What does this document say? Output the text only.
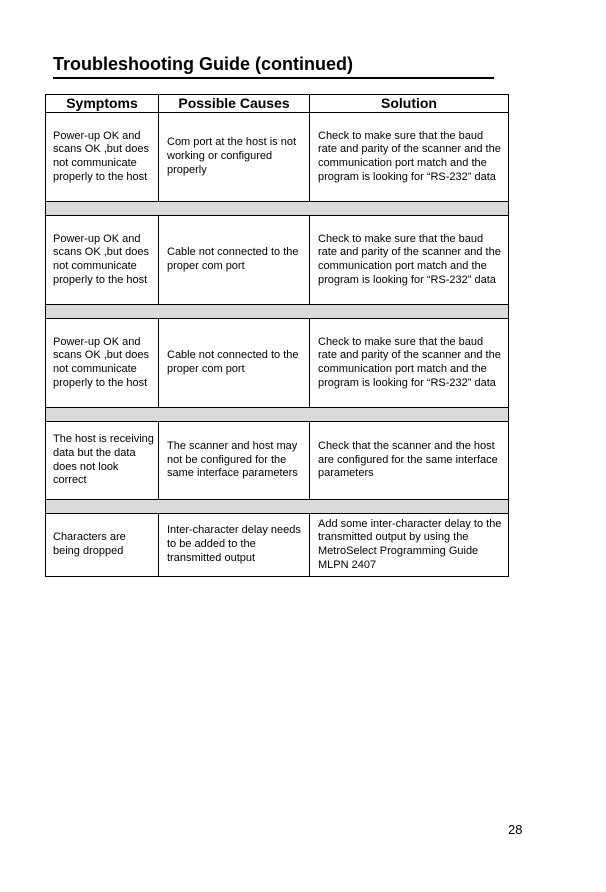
Troubleshooting Guide (continued)
Symptoms	Possible Causes	Solution
Power-up OK and scans OK ,but does not communicate properly to the host	Com port at the host is not working or configured properly	Check to make sure that the baud rate and parity of the scanner and the communication port match and the program is looking for “RS-232” data

Power-up OK and scans OK ,but does not communicate properly to the host	Cable not connected to the proper com port	Check to make sure that the baud rate and parity of the scanner and the communication port match and the program is looking for “RS-232” data

Power-up OK and scans OK ,but does not communicate properly to the host	Cable not connected to the proper com port	Check to make sure that the baud rate and parity of the scanner and the communication port match and the program is looking for “RS-232” data

The host is receiving data but the data does not look correct	The scanner and host may not be configured for the same interface parameters	Check that the scanner and the host are configured for the same interface parameters

Characters are being dropped	Inter-character delay needs to be added to the transmitted output	Add some inter-character delay to the transmitted output by using the MetroSelect Programming Guide MLPN 2407
28
